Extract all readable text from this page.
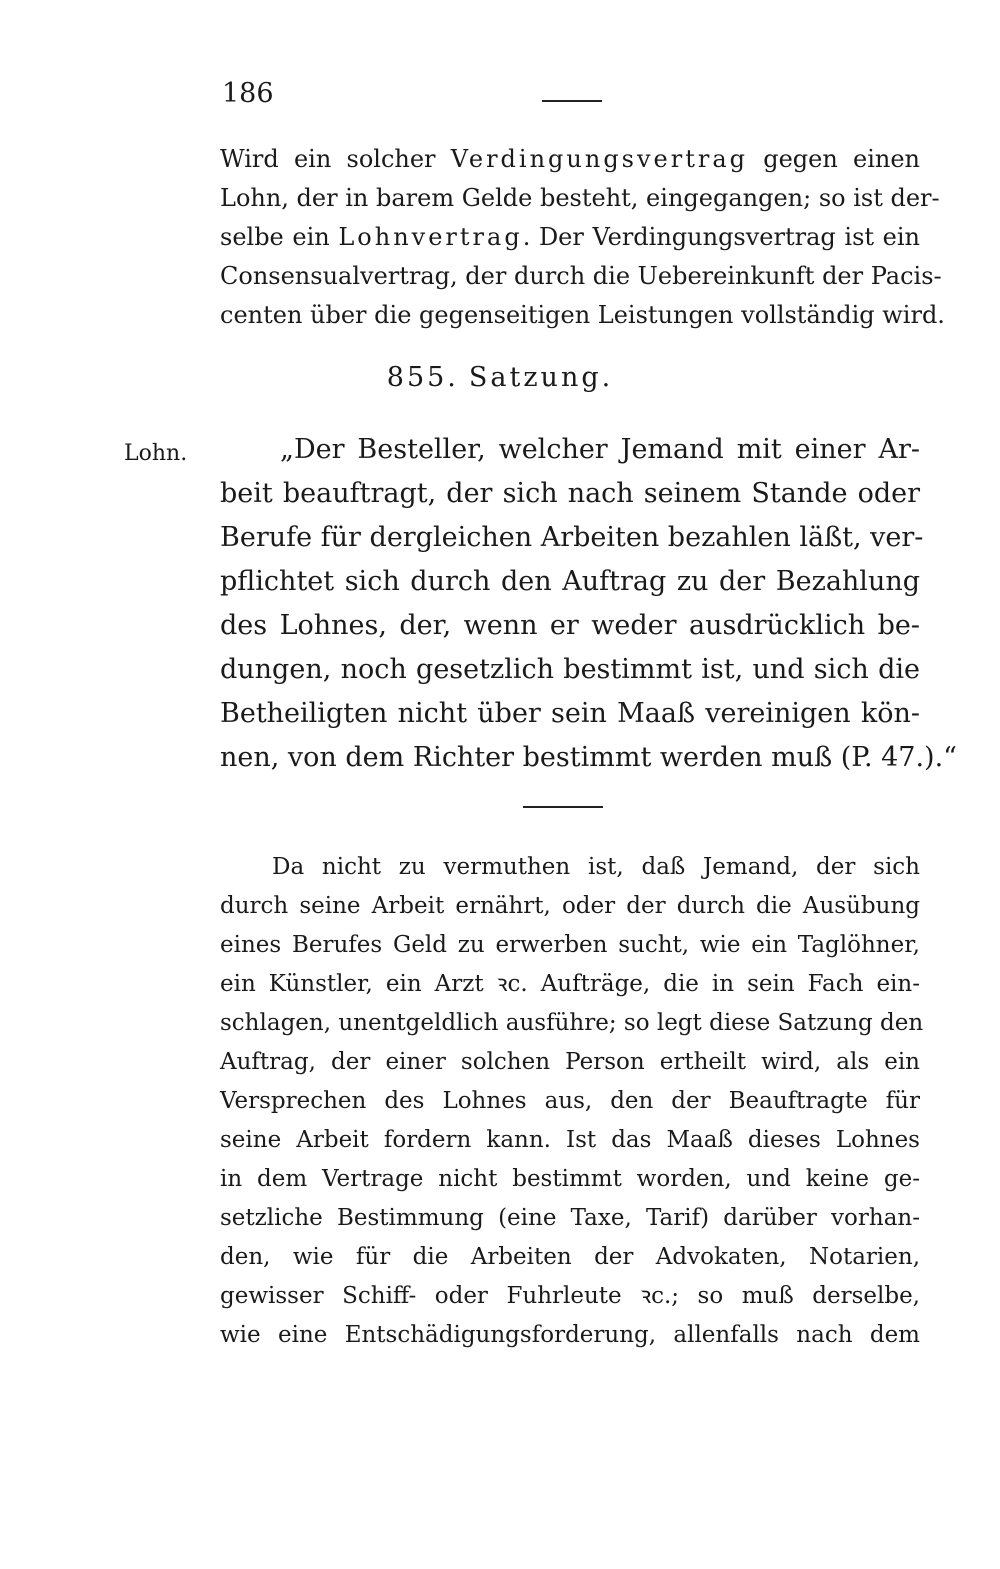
186

Wird ein solcher Verdingungsvertrag gegen einen
Lohn, der in barem Gelde besteht, eingegangen; so ist der-
selbe ein Lohnvertrag. Der Verdingungsvertrag ist ein
Consensualvertrag, der durch die Uebereinkunft der Pacis-
centen über die gegenseitigen Leistungen vollständig wird.

855. Satzung.
Lohn.	„Der Besteller, welcher Jemand mit einer Ar-
beit beauftragt, der sich nach seinem Stande oder
Berufe für dergleichen Arbeiten bezahlen läßt, ver-
pflichtet sich durch den Auftrag zu der Bezahlung
des Lohnes, der, wenn er weder ausdrücklich be-
dungen, noch gesetzlich bestimmt ist, und sich die
Betheiligten nicht über sein Maaß vereinigen kön-
nen, von dem Richter bestimmt werden muß (P. 47.).“

Da nicht zu vermuthen ist, daß Jemand, der sich
durch seine Arbeit ernährt, oder der durch die Ausübung
eines Berufes Geld zu erwerben sucht, wie ein Taglöhner,
ein Künstler, ein Arzt ꝛc. Aufträge, die in sein Fach ein-
schlagen, unentgeldlich ausführe; so legt diese Satzung den
Auftrag, der einer solchen Person ertheilt wird, als ein
Versprechen des Lohnes aus, den der Beauftragte für
seine Arbeit fordern kann. Ist das Maaß dieses Lohnes
in dem Vertrage nicht bestimmt worden, und keine ge-
setzliche Bestimmung (eine Taxe, Tarif) darüber vorhan-
den, wie für die Arbeiten der Advokaten, Notarien,
gewisser Schiff- oder Fuhrleute ꝛc.; so muß derselbe,
wie eine Entschädigungsforderung, allenfalls nach dem
